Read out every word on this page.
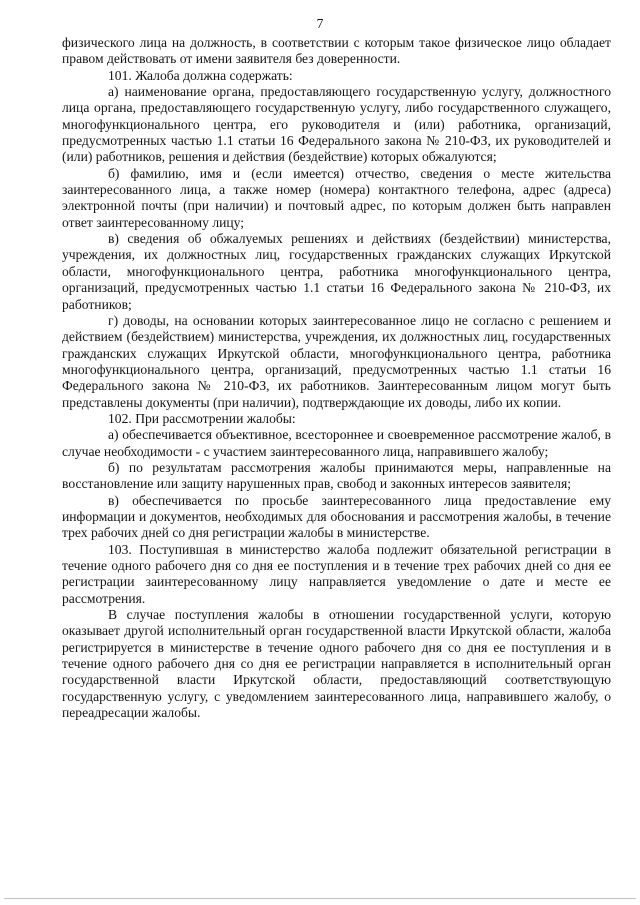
7

физического лица на должность, в соответствии с которым такое физическое лицо обладает правом действовать от имени заявителя без доверенности.

101. Жалоба должна содержать:

а) наименование органа, предоставляющего государственную услугу, должностного лица органа, предоставляющего государственную услугу, либо государственного служащего, многофункционального центра, его руководителя и (или) работника, организаций, предусмотренных частью 1.1 статьи 16 Федерального закона № 210-ФЗ, их руководителей и (или) работников, решения и действия (бездействие) которых обжалуются;

б) фамилию, имя и (если имеется) отчество, сведения о месте жительства заинтересованного лица, а также номер (номера) контактного телефона, адрес (адреса) электронной почты (при наличии) и почтовый адрес, по которым должен быть направлен ответ заинтересованному лицу;

в) сведения об обжалуемых решениях и действиях (бездействии) министерства, учреждения, их должностных лиц, государственных гражданских служащих Иркутской области, многофункционального центра, работника многофункционального центра, организаций, предусмотренных частью 1.1 статьи 16 Федерального закона № 210-ФЗ, их работников;

г) доводы, на основании которых заинтересованное лицо не согласно с решением и действием (бездействием) министерства, учреждения, их должностных лиц, государственных гражданских служащих Иркутской области, многофункционального центра, работника многофункционального центра, организаций, предусмотренных частью 1.1 статьи 16 Федерального закона № 210-ФЗ, их работников. Заинтересованным лицом могут быть представлены документы (при наличии), подтверждающие их доводы, либо их копии.

102. При рассмотрении жалобы:

а) обеспечивается объективное, всестороннее и своевременное рассмотрение жалоб, в случае необходимости - с участием заинтересованного лица, направившего жалобу;

б) по результатам рассмотрения жалобы принимаются меры, направленные на восстановление или защиту нарушенных прав, свобод и законных интересов заявителя;

в) обеспечивается по просьбе заинтересованного лица предоставление ему информации и документов, необходимых для обоснования и рассмотрения жалобы, в течение трех рабочих дней со дня регистрации жалобы в министерстве.

103. Поступившая в министерство жалоба подлежит обязательной регистрации в течение одного рабочего дня со дня ее поступления и в течение трех рабочих дней со дня ее регистрации заинтересованному лицу направляется уведомление о дате и месте ее рассмотрения.

В случае поступления жалобы в отношении государственной услуги, которую оказывает другой исполнительный орган государственной власти Иркутской области, жалоба регистрируется в министерстве в течение одного рабочего дня со дня ее поступления и в течение одного рабочего дня со дня ее регистрации направляется в исполнительный орган государственной власти Иркутской области, предоставляющий соответствующую государственную услугу, с уведомлением заинтересованного лица, направившего жалобу, о переадресации жалобы.
